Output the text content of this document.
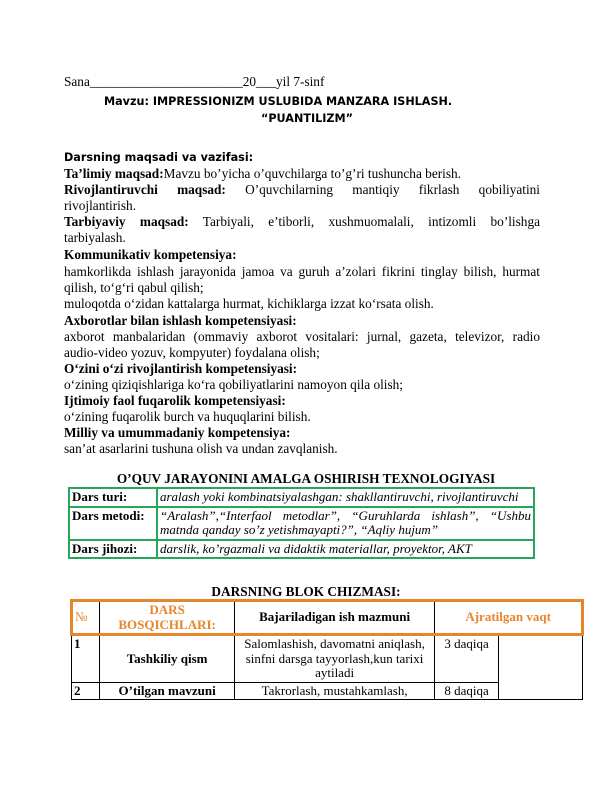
Sana_______________________20___yil 7-sinf
Mavzu: IMPRESSIONIZM USLUBIDA MANZARA ISHLASH.
“PUANTILIZM”
Darsning maqsadi va vazifasi:
Ta’limiy maqsad:Mavzu bo’yicha o’quvchilarga to’g’ri tushuncha berish.
Rivojlantiruvchi maqsad: O’quvchilarning mantiqiy fikrlash qobiliyatini
rivojlantirish.
Tarbiyaviy maqsad: Tarbiyali, e’tiborli, xushmuomalali, intizomli bo’lishga
tarbiyalash.
Kommunikativ kompetensiya:
hamkorlikda ishlash jarayonida jamoa va guruh a’zolari fikrini tinglay bilish, hurmat
qilish, to‘g‘ri qabul qilish;
muloqotda o‘zidan kattalarga hurmat, kichiklarga izzat ko‘rsata olish.
Axborotlar bilan ishlash kompetensiyasi:
axborot manbalaridan (ommaviy axborot vositalari: jurnal, gazeta, televizor, radio
audio-video yozuv, kompyuter) foydalana olish;
O‘zini o‘zi rivojlantirish kompetensiyasi:
o‘zining qiziqishlariga ko‘ra qobiliyatlarini namoyon qila olish;
Ijtimoiy faol fuqarolik kompetensiyasi:
o‘zining fuqarolik burch va huquqlarini bilish.
Milliy va umummadaniy kompetensiya:
san’at asarlarini tushuna olish va undan zavqlanish.
O’QUV JARAYONINI AMALGA OSHIRISH TEXNOLOGIYASI
Dars turi:	aralash yoki kombinatsiyalashgan: shakllantiruvchi, rivojlantiruvchi
Dars metodi:	“Aralash”,“Interfaol metodlar”, “Guruhlarda ishlash”, “Ushbu matnda qanday so’z yetishmayapti?”, “Aqliy hujum”
Dars jihozi:	darslik, ko’rgazmali va didaktik materiallar, proyektor, AKT
DARSNING BLOK CHIZMASI:
№	DARS BOSQICHLARI:	Bajariladigan ish mazmuni	Ajratilgan vaqt	
1	Tashkiliy qism	Salomlashish, davomatni aniqlash, sinfni darsga tayyorlash,kun tarixi aytiladi	3 daqiqa	
2	O’tilgan mavzuni	Takrorlash, mustahkamlash,	8 daqiqa	
